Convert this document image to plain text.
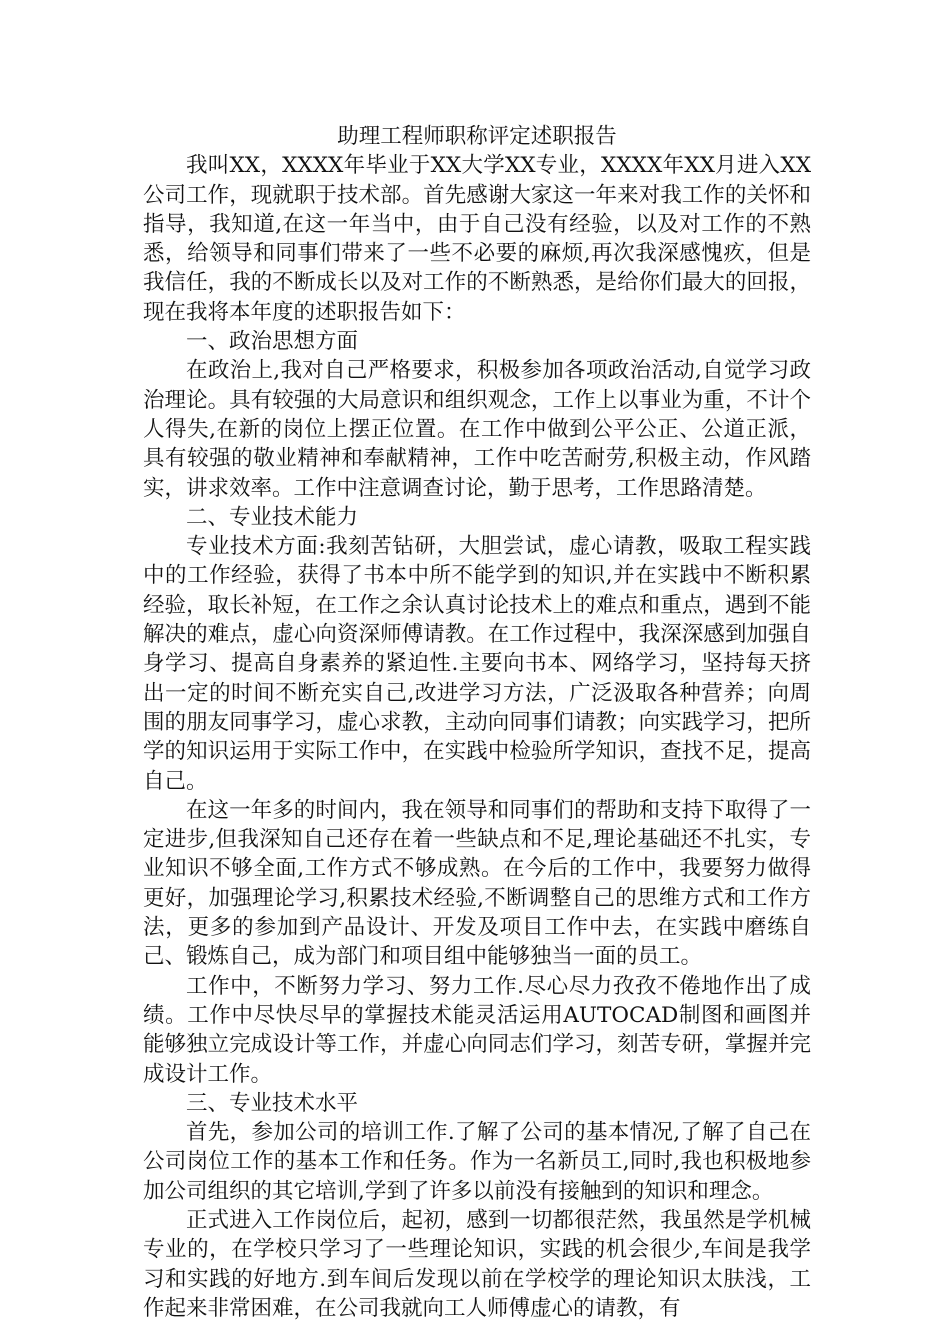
助理工程师职称评定述职报告

我叫XX，XXXX年毕业于XX大学XX专业，XXXX年XX月进入XX公司工作，现就职于技术部。首先感谢大家这一年来对我工作的关怀和指导，我知道,在这一年当中，由于自己没有经验，以及对工作的不熟悉，给领导和同事们带来了一些不必要的麻烦,再次我深感愧疚，但是我信任，我的不断成长以及对工作的不断熟悉，是给你们最大的回报，现在我将本年度的述职报告如下：

一、政治思想方面

在政治上,我对自己严格要求，积极参加各项政治活动,自觉学习政治理论。具有较强的大局意识和组织观念，工作上以事业为重，不计个人得失,在新的岗位上摆正位置。在工作中做到公平公正、公道正派，具有较强的敬业精神和奉献精神，工作中吃苦耐劳,积极主动，作风踏实，讲求效率。工作中注意调查讨论，勤于思考，工作思路清楚。

二、专业技术能力

专业技术方面:我刻苦钻研，大胆尝试，虚心请教，吸取工程实践中的工作经验，获得了书本中所不能学到的知识,并在实践中不断积累经验，取长补短，在工作之余认真讨论技术上的难点和重点，遇到不能解决的难点，虚心向资深师傅请教。在工作过程中，我深深感到加强自身学习、提高自身素养的紧迫性.主要向书本、网络学习，坚持每天挤出一定的时间不断充实自己,改进学习方法，广泛汲取各种营养；向周围的朋友同事学习，虚心求教，主动向同事们请教；向实践学习，把所学的知识运用于实际工作中，在实践中检验所学知识，查找不足，提高自己。

在这一年多的时间内，我在领导和同事们的帮助和支持下取得了一定进步,但我深知自己还存在着一些缺点和不足,理论基础还不扎实，专业知识不够全面,工作方式不够成熟。在今后的工作中，我要努力做得更好，加强理论学习,积累技术经验,不断调整自己的思维方式和工作方法，更多的参加到产品设计、开发及项目工作中去，在实践中磨练自己、锻炼自己，成为部门和项目组中能够独当一面的员工。

工作中，不断努力学习、努力工作.尽心尽力孜孜不倦地作出了成绩。工作中尽快尽早的掌握技术能灵活运用AUTOCAD制图和画图并能够独立完成设计等工作，并虚心向同志们学习，刻苦专研，掌握并完成设计工作。

三、专业技术水平

首先，参加公司的培训工作.了解了公司的基本情况,了解了自己在公司岗位工作的基本工作和任务。作为一名新员工,同时,我也积极地参加公司组织的其它培训,学到了许多以前没有接触到的知识和理念。

正式进入工作岗位后，起初，感到一切都很茫然，我虽然是学机械专业的，在学校只学习了一些理论知识，实践的机会很少,车间是我学习和实践的好地方.到车间后发现以前在学校学的理论知识太肤浅，工作起来非常困难，在公司我就向工人师傅虚心的请教，有
